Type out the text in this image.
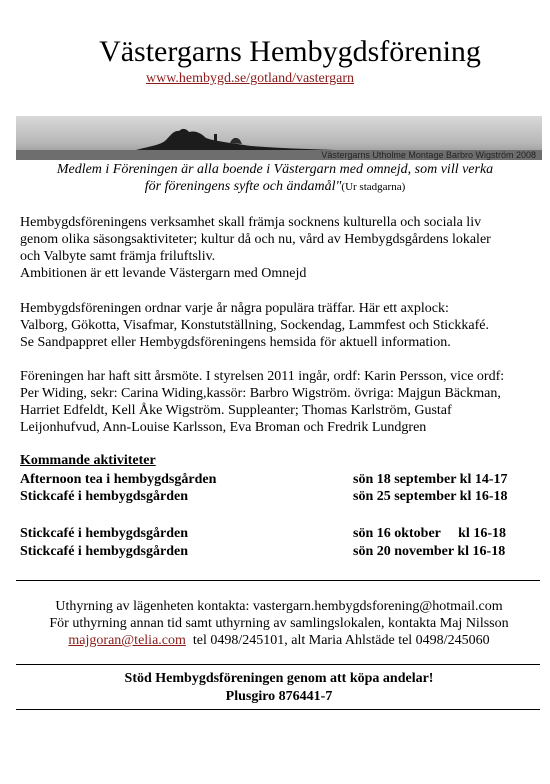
Västergarns Hembygdsförening
www.hembygd.se/gotland/vastergarn
Västergarns Utholme Montage Barbro Wigström 2008
Medlem i Föreningen är alla boende i Västergarn med omnejd, som vill verka
för föreningens syfte och ändamål"(Ur stadgarna)
Hembygdsföreningens verksamhet skall främja socknens kulturella och sociala liv
genom olika säsongsaktiviteter; kultur då och nu, vård av Hembygdsgårdens lokaler
och Valbyte samt främja friluftsliv.
Ambitionen är ett levande Västergarn med Omnejd
Hembygdsföreningen ordnar varje år några populära träffar. Här ett axplock:
Valborg, Gökotta, Visafmar, Konstutställning, Sockendag, Lammfest och Stickkafé.
Se Sandpappret eller Hembygdsföreningens hemsida för aktuell information.
Föreningen har haft sitt årsmöte. I styrelsen 2011 ingår, ordf: Karin Persson, vice ordf:
Per Widing, sekr: Carina Widing,kassör: Barbro Wigström. övriga: Majgun Bäckman,
Harriet Edfeldt, Kell Åke Wigström. Suppleanter; Thomas Karlström, Gustaf
Leijonhufvud, Ann-Louise Karlsson, Eva Broman och Fredrik Lundgren
Kommande aktiviteter
Afternoon tea i hembygdsgården	sön 18 september kl 14-17
Stickcafé i hembygdsgården	sön 25 september kl 16-18
Stickcafé i hembygdsgården	sön 16 oktober     kl 16-18
Stickcafé i hembygdsgården	sön 20 november kl 16-18
Uthyrning av lägenheten kontakta: vastergarn.hembygdsforening@hotmail.com
För uthyrning annan tid samt uthyrning av samlingslokalen, kontakta Maj Nilsson
majgoran@telia.com  tel 0498/245101, alt Maria Ahlstäde tel 0498/245060
Stöd Hembygdsföreningen genom att köpa andelar!
Plusgiro 876441-7
